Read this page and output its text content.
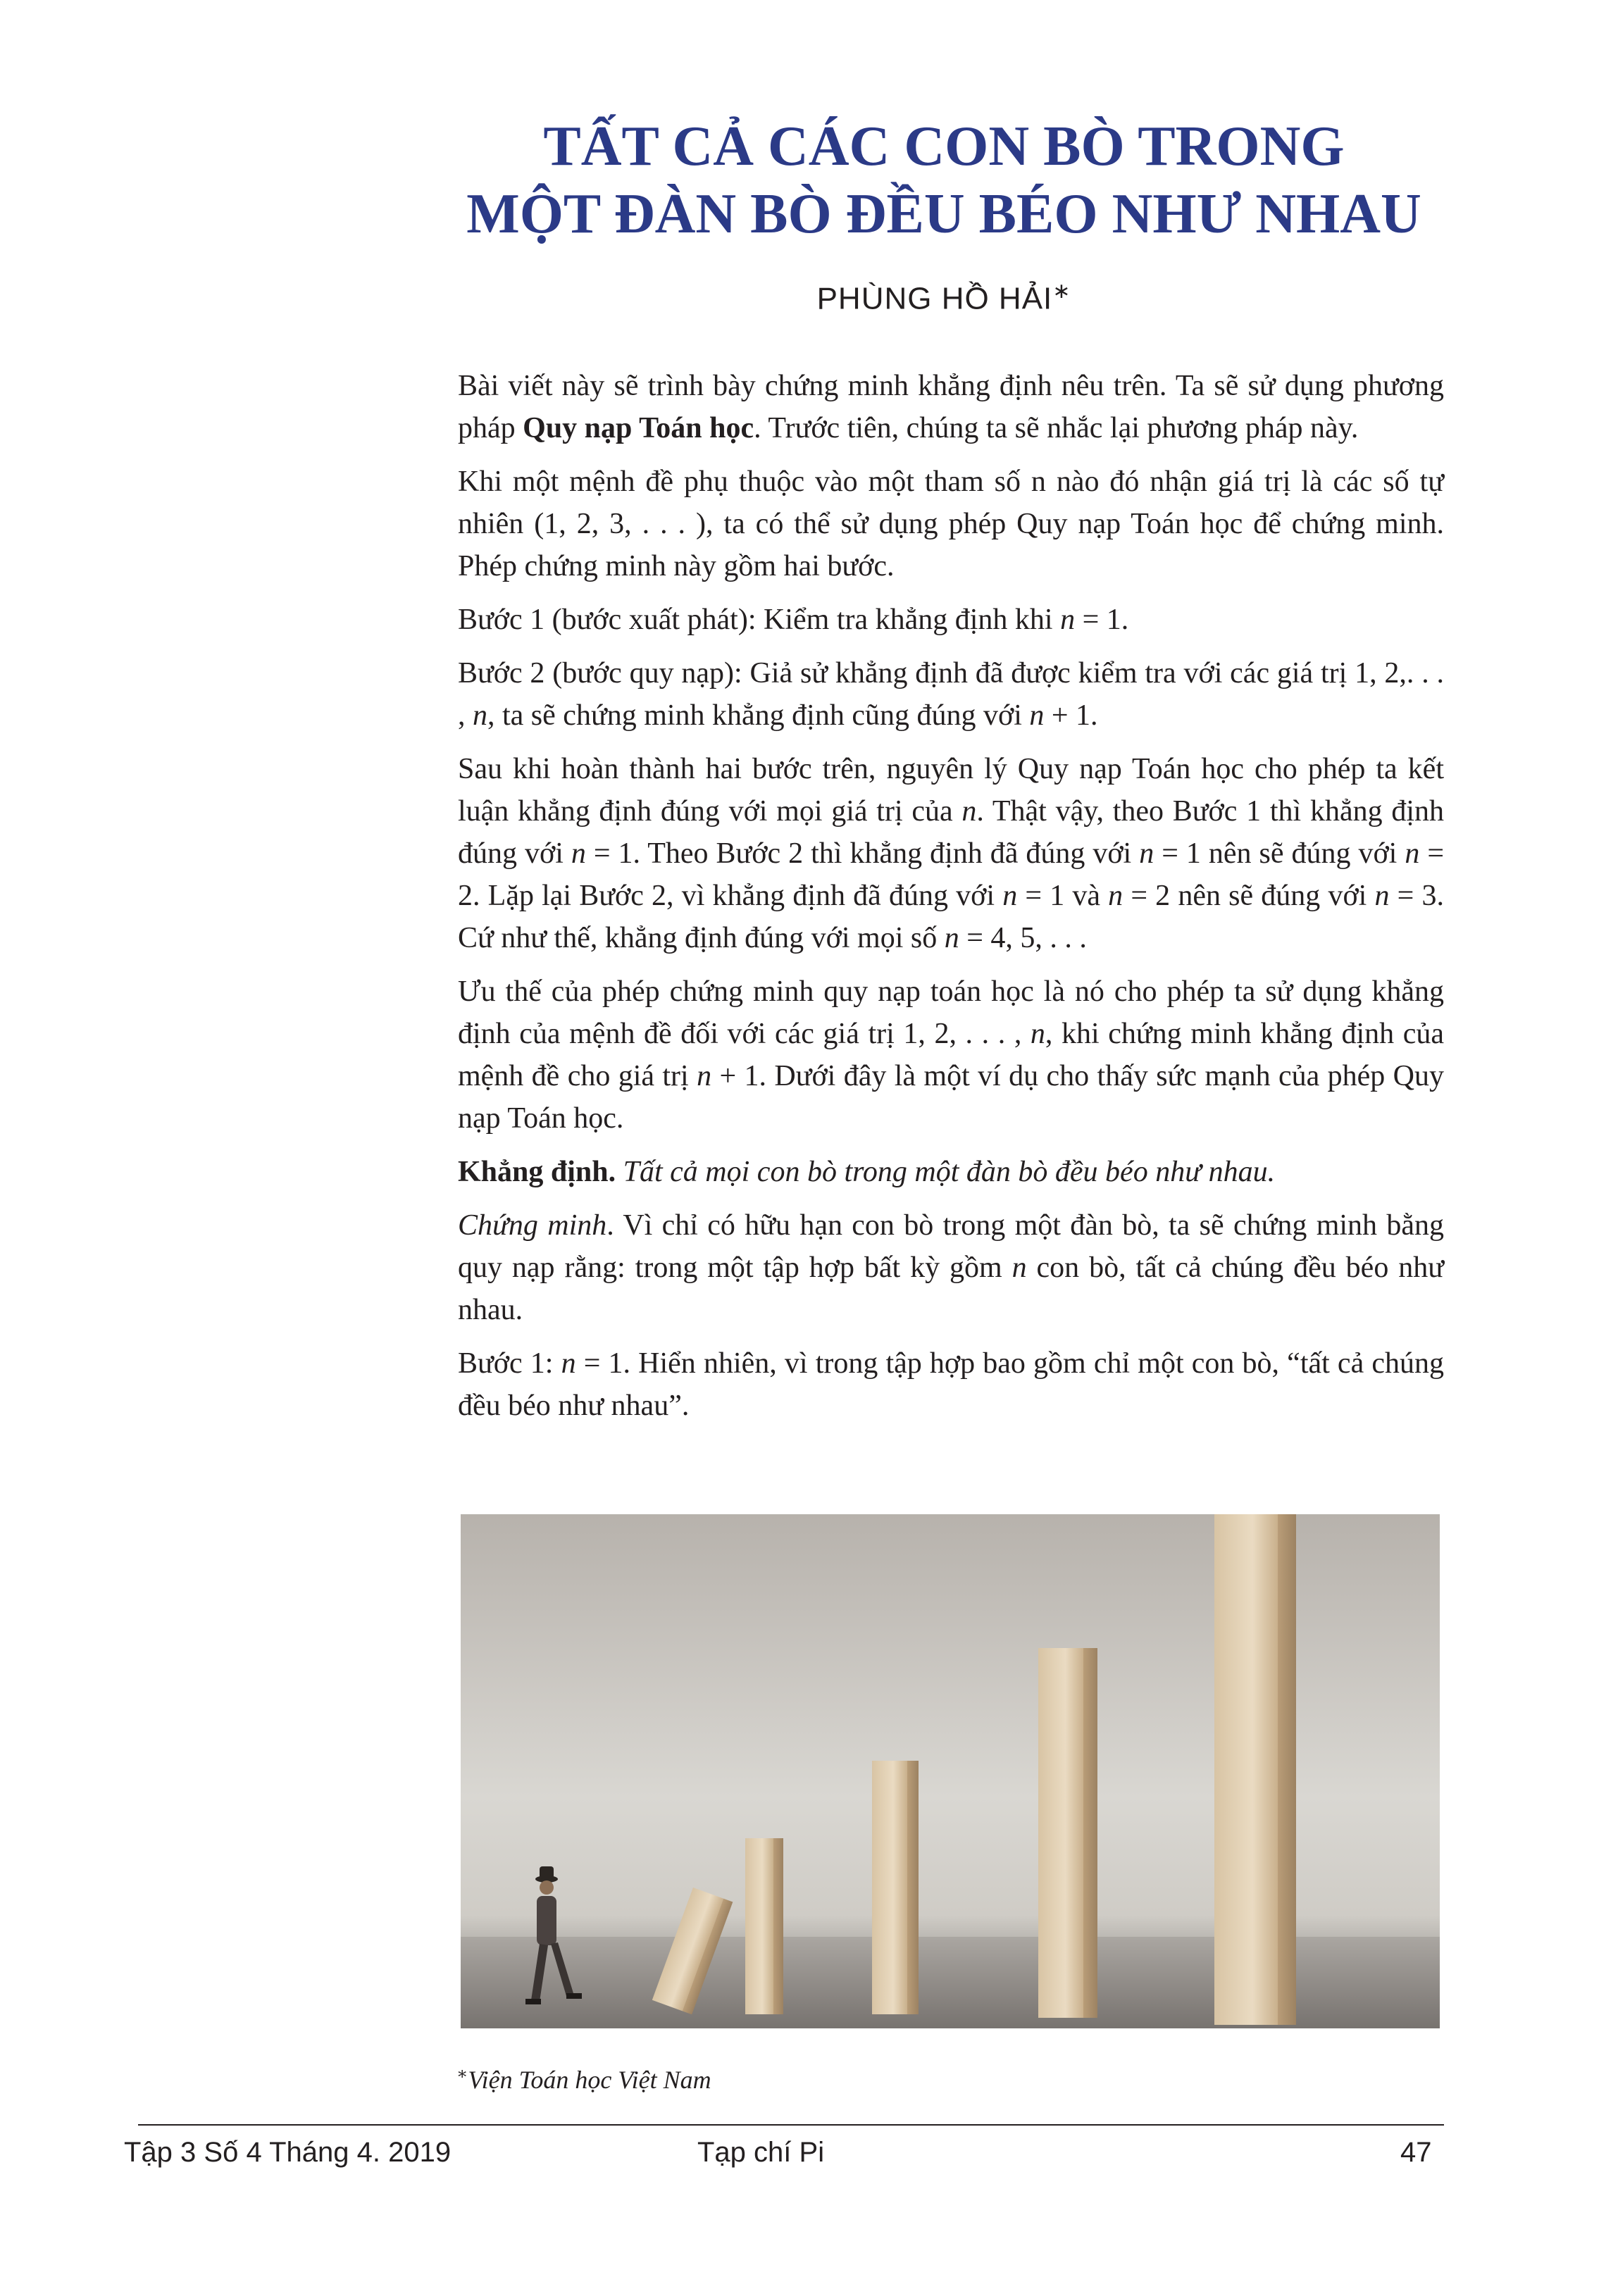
TẤT CẢ CÁC CON BÒ TRONG
MỘT ĐÀN BÒ ĐỀU BÉO NHƯ NHAU
PHÙNG HỒ HẢI∗

Bài viết này sẽ trình bày chứng minh khẳng định nêu trên. Ta sẽ sử dụng phương pháp Quy nạp Toán học. Trước tiên, chúng ta sẽ nhắc lại phương pháp này.

Khi một mệnh đề phụ thuộc vào một tham số n nào đó nhận giá trị là các số tự nhiên (1, 2, 3, . . . ), ta có thể sử dụng phép Quy nạp Toán học để chứng minh. Phép chứng minh này gồm hai bước.

Bước 1 (bước xuất phát): Kiểm tra khẳng định khi n = 1.

Bước 2 (bước quy nạp): Giả sử khẳng định đã được kiểm tra với các giá trị 1, 2,. . . , n, ta sẽ chứng minh khẳng định cũng đúng với n + 1.

Sau khi hoàn thành hai bước trên, nguyên lý Quy nạp Toán học cho phép ta kết luận khẳng định đúng với mọi giá trị của n. Thật vậy, theo Bước 1 thì khẳng định đúng với n = 1. Theo Bước 2 thì khẳng định đã đúng với n = 1 nên sẽ đúng với n = 2. Lặp lại Bước 2, vì khẳng định đã đúng với n = 1 và n = 2 nên sẽ đúng với n = 3. Cứ như thế, khẳng định đúng với mọi số n = 4, 5, . . .

Ưu thế của phép chứng minh quy nạp toán học là nó cho phép ta sử dụng khẳng định của mệnh đề đối với các giá trị 1, 2, . . . , n, khi chứng minh khẳng định của mệnh đề cho giá trị n + 1. Dưới đây là một ví dụ cho thấy sức mạnh của phép Quy nạp Toán học.

Khẳng định. Tất cả mọi con bò trong một đàn bò đều béo như nhau.

Chứng minh. Vì chỉ có hữu hạn con bò trong một đàn bò, ta sẽ chứng minh bằng quy nạp rằng: trong một tập hợp bất kỳ gồm n con bò, tất cả chúng đều béo như nhau.

Bước 1: n = 1. Hiển nhiên, vì trong tập hợp bao gồm chỉ một con bò, “tất cả chúng đều béo như nhau”.

∗Viện Toán học Việt Nam
Tập 3 Số 4 Tháng 4. 2019	Tạp chí Pi	47
